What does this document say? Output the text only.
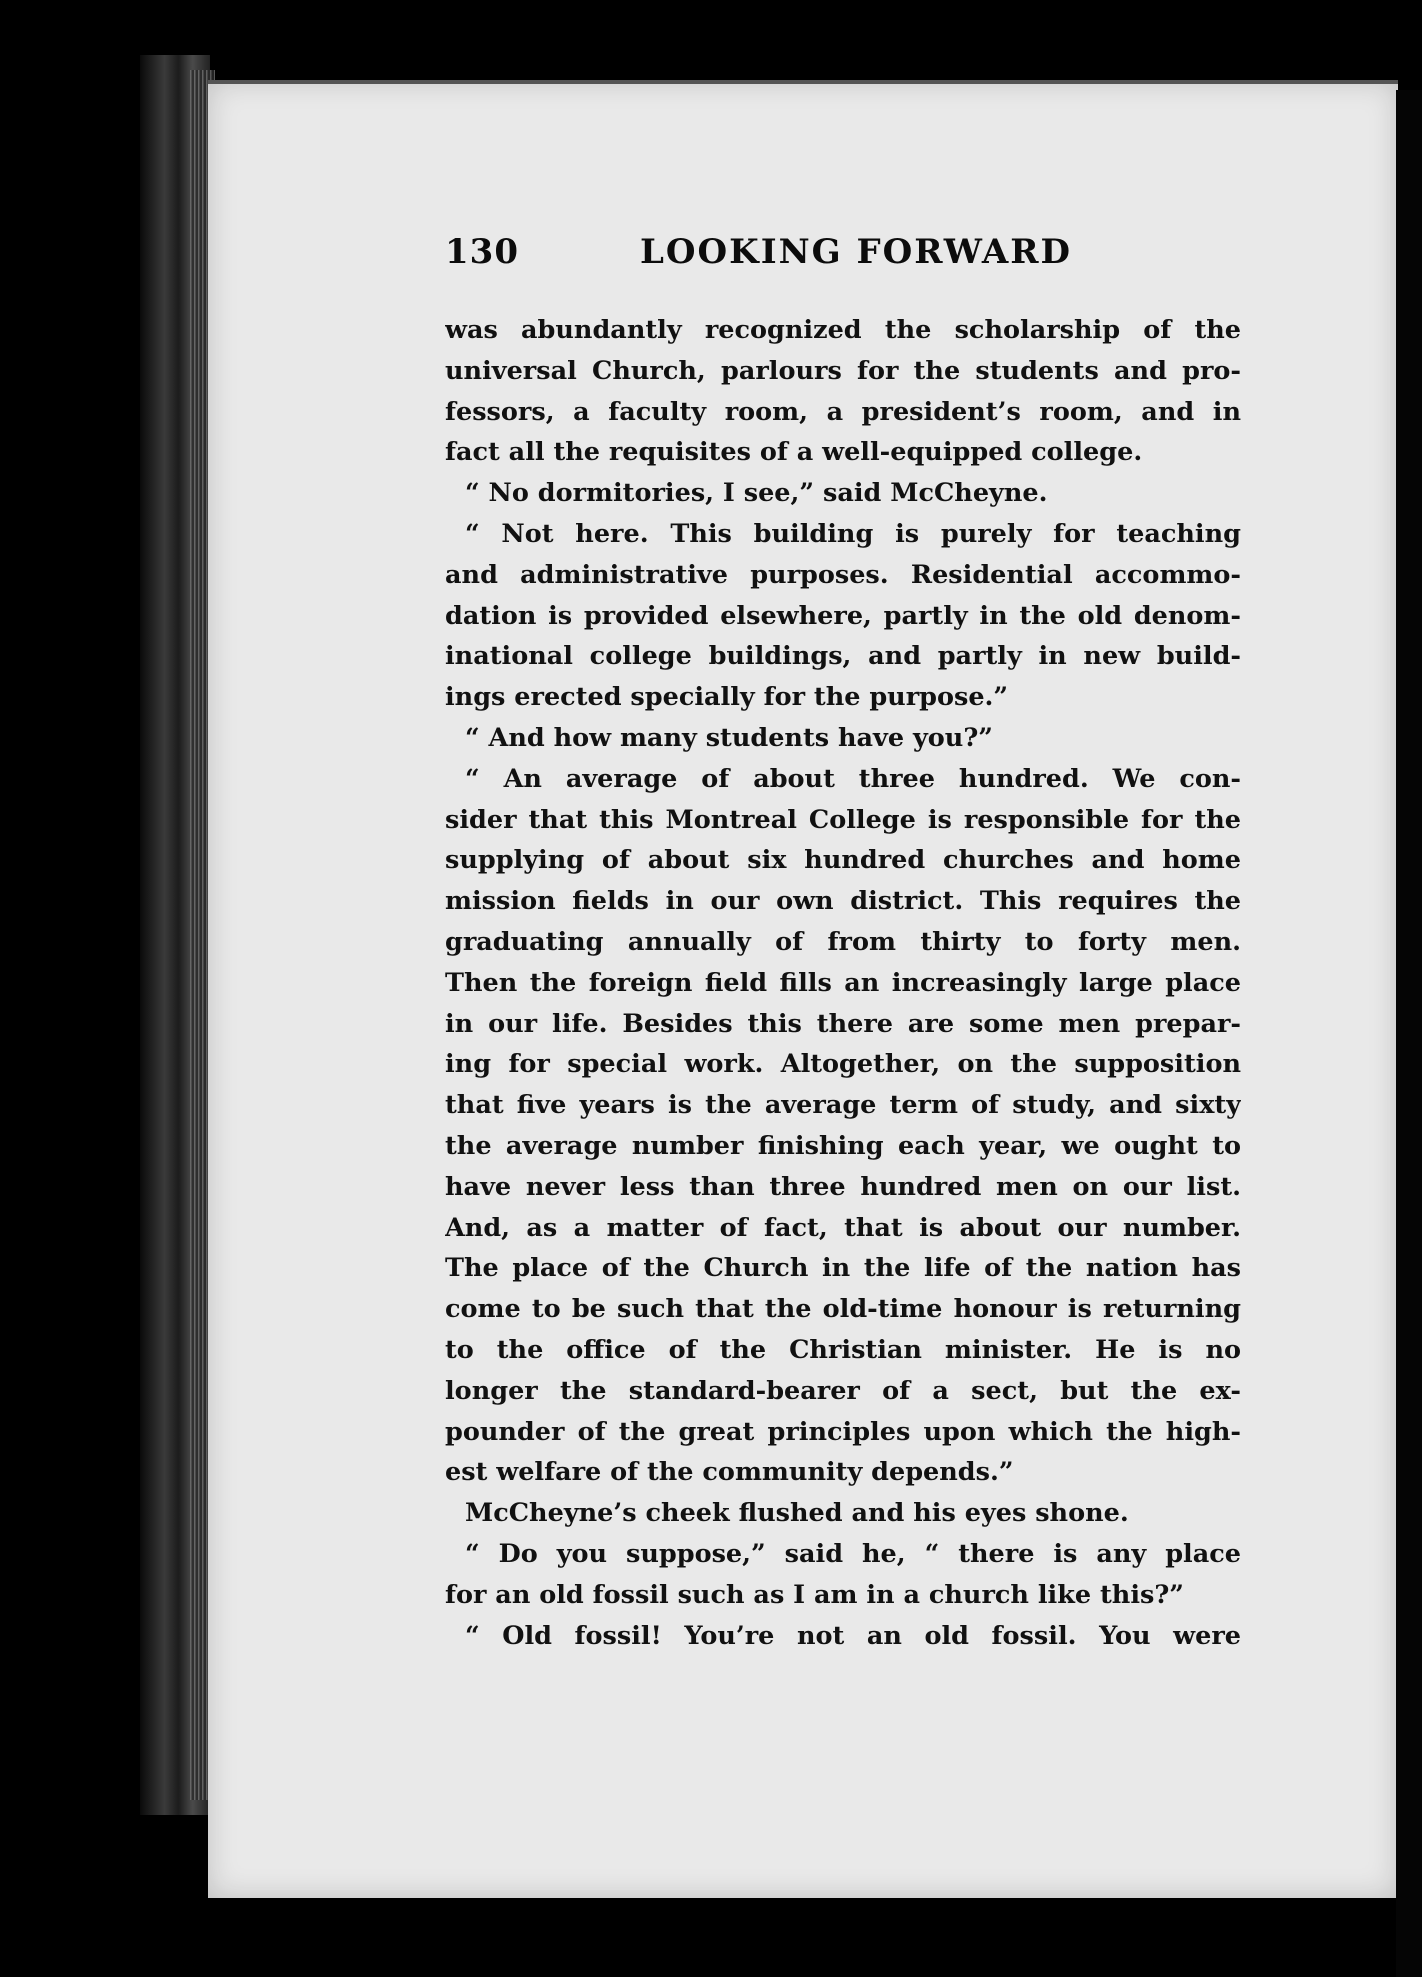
130	LOOKING FORWARD
was abundantly recognized the scholarship of the
universal Church, parlours for the students and pro-
fessors, a faculty room, a president’s room, and in
fact all the requisites of a well-equipped college.
“ No dormitories, I see,” said McCheyne.
“ Not here. This building is purely for teaching
and administrative purposes. Residential accommo-
dation is provided elsewhere, partly in the old denom-
inational college buildings, and partly in new build-
ings erected specially for the purpose.”
“ And how many students have you?”
“ An average of about three hundred. We con-
sider that this Montreal College is responsible for the
supplying of about six hundred churches and home
mission fields in our own district. This requires the
graduating annually of from thirty to forty men.
Then the foreign field fills an increasingly large place
in our life. Besides this there are some men prepar-
ing for special work. Altogether, on the supposition
that five years is the average term of study, and sixty
the average number finishing each year, we ought to
have never less than three hundred men on our list.
And, as a matter of fact, that is about our number.
The place of the Church in the life of the nation has
come to be such that the old-time honour is returning
to the office of the Christian minister. He is no
longer the standard-bearer of a sect, but the ex-
pounder of the great principles upon which the high-
est welfare of the community depends.”
McCheyne’s cheek flushed and his eyes shone.
“ Do you suppose,” said he, “ there is any place
for an old fossil such as I am in a church like this?”
“ Old fossil! You’re not an old fossil. You were
